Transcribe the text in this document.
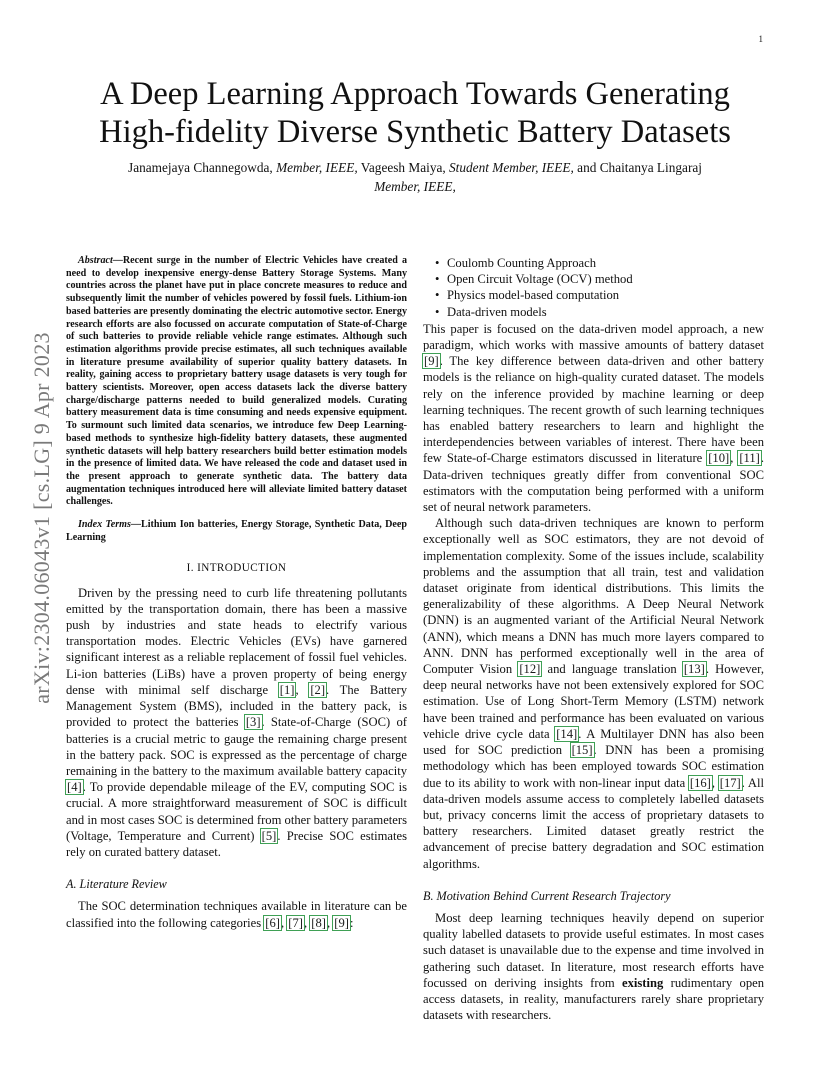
1
arXiv:2304.06043v1 [cs.LG] 9 Apr 2023
A Deep Learning Approach Towards Generating
High-fidelity Diverse Synthetic Battery Datasets
Janamejaya Channegowda, Member, IEEE, Vageesh Maiya, Student Member, IEEE, and Chaitanya Lingaraj
Member, IEEE,

Abstract—Recent surge in the number of Electric Vehicles have created a need to develop inexpensive energy-dense Battery Storage Systems. Many countries across the planet have put in place concrete measures to reduce and subsequently limit the number of vehicles powered by fossil fuels. Lithium-ion based batteries are presently dominating the electric automotive sector. Energy research efforts are also focussed on accurate computation of State-of-Charge of such batteries to provide reliable vehicle range estimates. Although such estimation algorithms provide precise estimates, all such techniques available in literature presume availability of superior quality battery datasets. In reality, gaining access to proprietary battery usage datasets is very tough for battery scientists. Moreover, open access datasets lack the diverse battery charge/discharge patterns needed to build generalized models. Curating battery measurement data is time consuming and needs expensive equipment. To surmount such limited data scenarios, we introduce few Deep Learning-based methods to synthesize high-fidelity battery datasets, these augmented synthetic datasets will help battery researchers build better estimation models in the presence of limited data. We have released the code and dataset used in the present approach to generate synthetic data. The battery data augmentation techniques introduced here will alleviate limited battery dataset challenges.

Index Terms—Lithium Ion batteries, Energy Storage, Synthetic Data, Deep Learning

I. INTRODUCTION

Driven by the pressing need to curb life threatening pollutants emitted by the transportation domain, there has been a massive push by industries and state heads to electrify various transportation modes. Electric Vehicles (EVs) have garnered significant interest as a reliable replacement of fossil fuel vehicles. Li-ion batteries (LiBs) have a proven property of being energy dense with minimal self discharge [1], [2]. The Battery Management System (BMS), included in the battery pack, is provided to protect the batteries [3]. State-of-Charge (SOC) of batteries is a crucial metric to gauge the remaining charge present in the battery pack. SOC is expressed as the percentage of charge remaining in the battery to the maximum available battery capacity [4]. To provide dependable mileage of the EV, computing SOC is crucial. A more straightforward measurement of SOC is difficult and in most cases SOC is determined from other battery parameters (Voltage, Temperature and Current) [5]. Precise SOC estimates rely on curated battery dataset.

A. Literature Review

The SOC determination techniques available in literature can be classified into the following categories [6], [7], [8], [9]:

• Coulomb Counting Approach
• Open Circuit Voltage (OCV) method
• Physics model-based computation
• Data-driven models

This paper is focused on the data-driven model approach, a new paradigm, which works with massive amounts of battery dataset [9]. The key difference between data-driven and other battery models is the reliance on high-quality curated dataset. The models rely on the inference provided by machine learning or deep learning techniques. The recent growth of such learning techniques has enabled battery researchers to learn and highlight the interdependencies between variables of interest. There have been few State-of-Charge estimators discussed in literature [10], [11]. Data-driven techniques greatly differ from conventional SOC estimators with the computation being performed with a uniform set of neural network parameters.

Although such data-driven techniques are known to perform exceptionally well as SOC estimators, they are not devoid of implementation complexity. Some of the issues include, scalability problems and the assumption that all train, test and validation dataset originate from identical distributions. This limits the generalizability of these algorithms. A Deep Neural Network (DNN) is an augmented variant of the Artificial Neural Network (ANN), which means a DNN has much more layers compared to ANN. DNN has performed exceptionally well in the area of Computer Vision [12] and language translation [13]. However, deep neural networks have not been extensively explored for SOC estimation. Use of Long Short-Term Memory (LSTM) network have been trained and performance has been evaluated on various vehicle drive cycle data [14]. A Multilayer DNN has also been used for SOC prediction [15]. DNN has been a promising methodology which has been employed towards SOC estimation due to its ability to work with non-linear input data [16], [17]. All data-driven models assume access to completely labelled datasets but, privacy concerns limit the access of proprietary datasets to battery researchers. Limited dataset greatly restrict the advancement of precise battery degradation and SOC estimation algorithms.

B. Motivation Behind Current Research Trajectory

Most deep learning techniques heavily depend on superior quality labelled datasets to provide useful estimates. In most cases such dataset is unavailable due to the expense and time involved in gathering such dataset. In literature, most research efforts have focussed on deriving insights from existing rudimentary open access datasets, in reality, manufacturers rarely share proprietary datasets with researchers.
